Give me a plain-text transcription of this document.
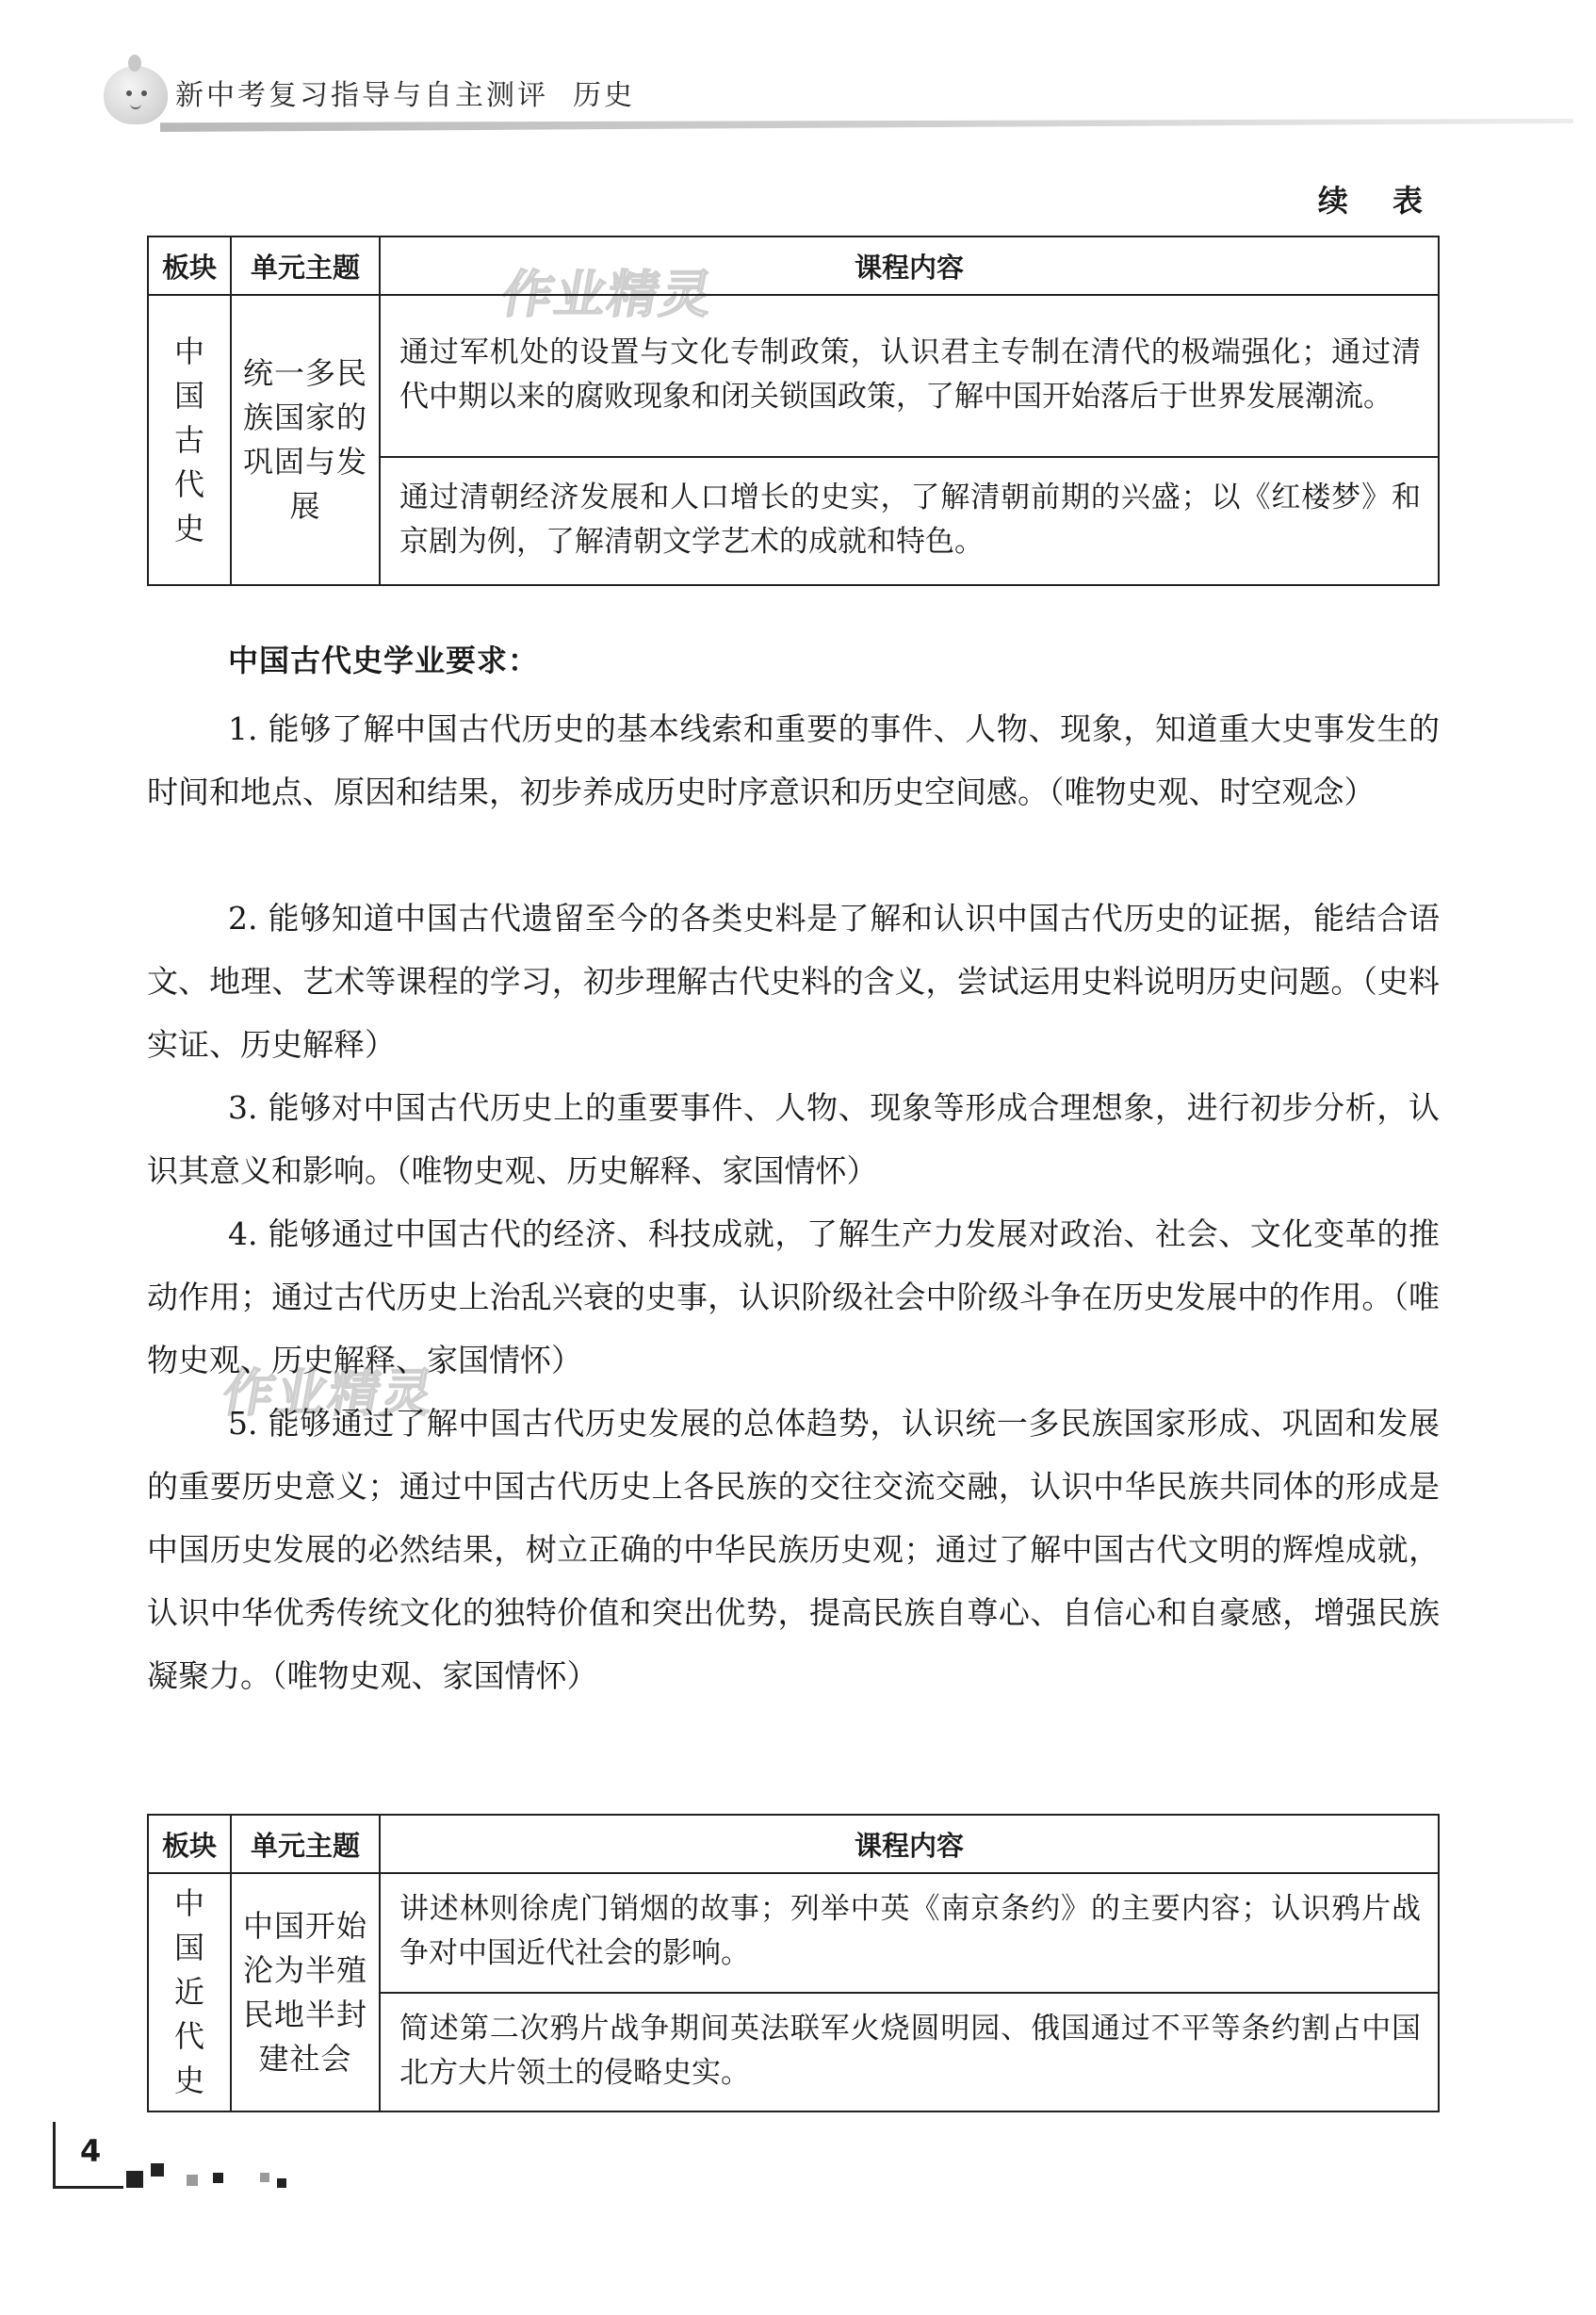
新中考复习指导与自主测评 历史
续 表
作业精灵
作业精灵
板块	单元主题	课程内容

中
国
古
代
史	统一多民
族国家的
巩固与发
展	通过军机处的设置与文化专制政策，认识君主专制在清代的极端强化；通过清代中期以来的腐败现象和闭关锁国政策，了解中国开始落后于世界发展潮流。
		通过清朝经济发展和人口增长的史实，了解清朝前期的兴盛；以《红楼梦》和京剧为例，了解清朝文学艺术的成就和特色。
中国古代史学业要求：

1. 能够了解中国古代历史的基本线索和重要的事件、人物、现象，知道重大史事发生的时间和地点、原因和结果，初步养成历史时序意识和历史空间感。（唯物史观、时空观念）

2. 能够知道中国古代遗留至今的各类史料是了解和认识中国古代历史的证据，能结合语文、地理、艺术等课程的学习，初步理解古代史料的含义，尝试运用史料说明历史问题。（史料实证、历史解释）

3. 能够对中国古代历史上的重要事件、人物、现象等形成合理想象，进行初步分析，认识其意义和影响。（唯物史观、历史解释、家国情怀）

4. 能够通过中国古代的经济、科技成就，了解生产力发展对政治、社会、文化变革的推动作用；通过古代历史上治乱兴衰的史事，认识阶级社会中阶级斗争在历史发展中的作用。（唯物史观、历史解释、家国情怀）

5. 能够通过了解中国古代历史发展的总体趋势，认识统一多民族国家形成、巩固和发展的重要历史意义；通过中国古代历史上各民族的交往交流交融，认识中华民族共同体的形成是中国历史发展的必然结果，树立正确的中华民族历史观；通过了解中国古代文明的辉煌成就，认识中华优秀传统文化的独特价值和突出优势，提高民族自尊心、自信心和自豪感，增强民族凝聚力。（唯物史观、家国情怀）

板块	单元主题	课程内容

中
国
近
代
史	中国开始
沦为半殖
民地半封
建社会	讲述林则徐虎门销烟的故事；列举中英《南京条约》的主要内容；认识鸦片战争对中国近代社会的影响。
		简述第二次鸦片战争期间英法联军火烧圆明园、俄国通过不平等条约割占中国北方大片领土的侵略史实。
4
